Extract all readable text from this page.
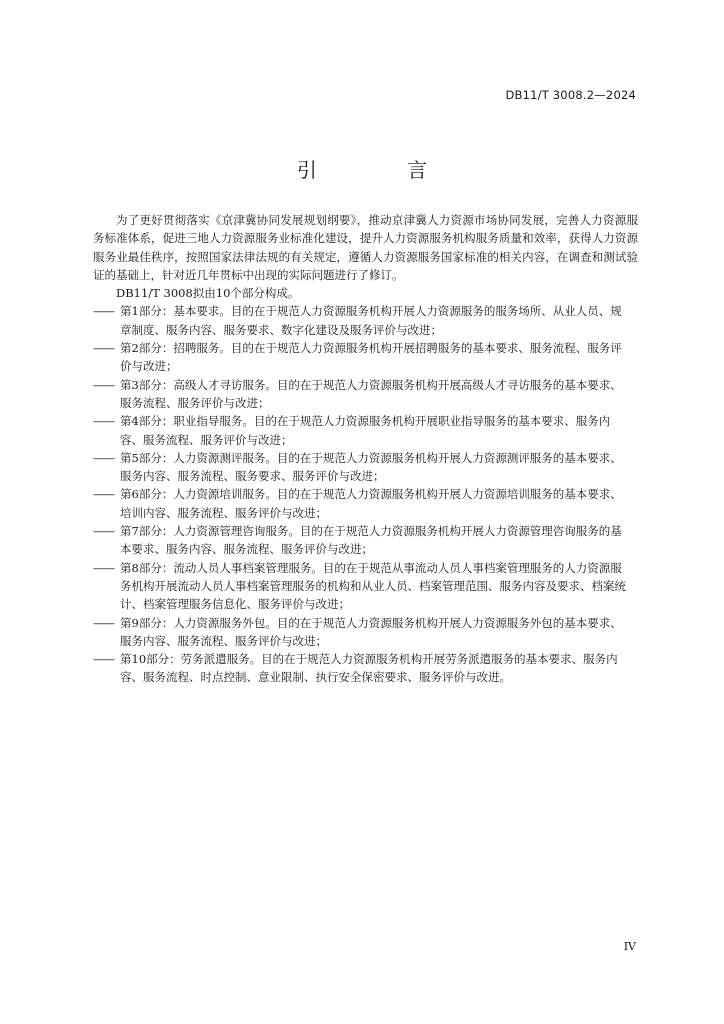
DB11/T 3008.2—2024
引 言

为了更好贯彻落实《京津冀协同发展规划纲要》，推动京津冀人力资源市场协同发展，完善人力资源服务标准体系，促进三地人力资源服务业标准化建设，提升人力资源服务机构服务质量和效率，获得人力资源服务业最佳秩序，按照国家法律法规的有关规定，遵循人力资源服务国家标准的相关内容，在调查和测试验证的基础上，针对近几年贯标中出现的实际问题进行了修订。

DB11/T 3008拟由10个部分构成。

—— 第1部分：基本要求。目的在于规范人力资源服务机构开展人力资源服务的服务场所、从业人员、规章制度、服务内容、服务要求、数字化建设及服务评价与改进；
—— 第2部分：招聘服务。目的在于规范人力资源服务机构开展招聘服务的基本要求、服务流程、服务评价与改进；
—— 第3部分：高级人才寻访服务。目的在于规范人力资源服务机构开展高级人才寻访服务的基本要求、服务流程、服务评价与改进；
—— 第4部分：职业指导服务。目的在于规范人力资源服务机构开展职业指导服务的基本要求、服务内容、服务流程、服务评价与改进；
—— 第5部分：人力资源测评服务。目的在于规范人力资源服务机构开展人力资源测评服务的基本要求、服务内容、服务流程、服务要求、服务评价与改进；
—— 第6部分：人力资源培训服务。目的在于规范人力资源服务机构开展人力资源培训服务的基本要求、培训内容、服务流程、服务评价与改进；
—— 第7部分：人力资源管理咨询服务。目的在于规范人力资源服务机构开展人力资源管理咨询服务的基本要求、服务内容、服务流程、服务评价与改进；
—— 第8部分：流动人员人事档案管理服务。目的在于规范从事流动人员人事档案管理服务的人力资源服务机构开展流动人员人事档案管理服务的机构和从业人员、档案管理范围、服务内容及要求、档案统计、档案管理服务信息化、服务评价与改进；
—— 第9部分：人力资源服务外包。目的在于规范人力资源服务机构开展人力资源服务外包的基本要求、服务内容、服务流程、服务评价与改进；
—— 第10部分：劳务派遣服务。目的在于规范人力资源服务机构开展劳务派遣服务的基本要求、服务内容、服务流程、时点控制、意业限制、执行安全保密要求、服务评价与改进。
IV
